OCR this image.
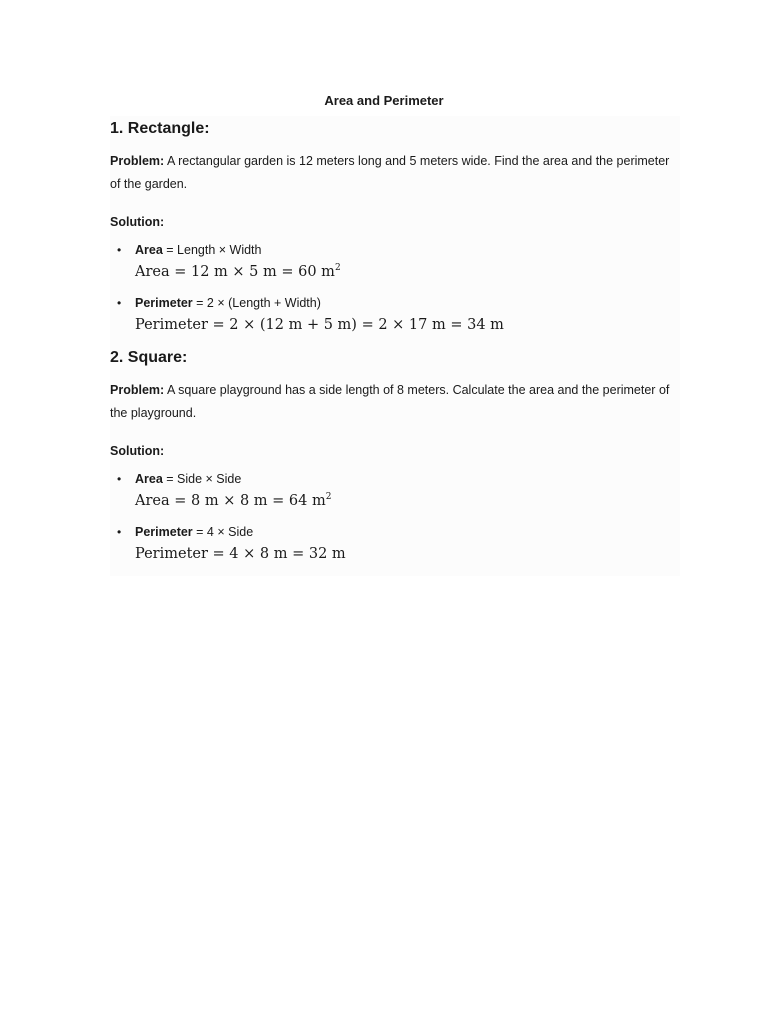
Area and Perimeter
1. Rectangle:

Problem: A rectangular garden is 12 meters long and 5 meters wide. Find the area and the perimeter of the garden.

Solution:

• Area = Length × Width
Area = 12 m × 5 m = 60 $m^2$
• Perimeter = 2 × (Length + Width)
Perimeter = 2 × (12 m + 5 m) = 2 × 17 m = 34 m
2. Square:

Problem: A square playground has a side length of 8 meters. Calculate the area and the perimeter of the playground.

Solution:

• Area = Side × Side
Area = 8 m × 8 m = 64 $m^2$
• Perimeter = 4 × Side
Perimeter = 4 × 8 m = 32 m
